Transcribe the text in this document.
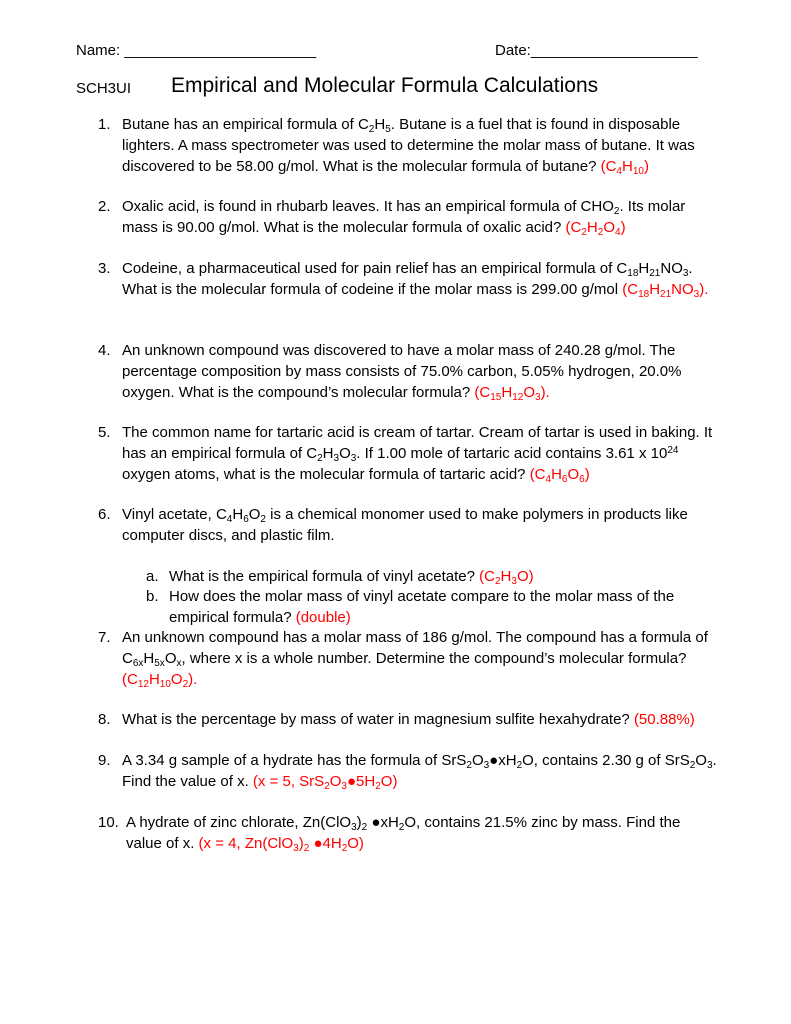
Name: _______________________	Date:____________________
SCH3UI Empirical and Molecular Formula Calculations
1. Butane has an empirical formula of $C_2H_5$. Butane is a fuel that is found in disposable lighters. A mass spectrometer was used to determine the molar mass of butane. It was discovered to be 58.00 g/mol. What is the molecular formula of butane? $(C_4H_{10})$
2. Oxalic acid, is found in rhubarb leaves. It has an empirical formula of $CHO_2$. Its molar mass is 90.00 g/mol. What is the molecular formula of oxalic acid? $(C_2H_2O_4)$
3. Codeine, a pharmaceutical used for pain relief has an empirical formula of $C_{18}H_{21}NO_3$. What is the molecular formula of codeine if the molar mass is 299.00 g/mol $(C_{18}H_{21}NO_3)$.
4. An unknown compound was discovered to have a molar mass of 240.28 g/mol. The percentage composition by mass consists of 75.0% carbon, 5.05% hydrogen, 20.0% oxygen. What is the compound’s molecular formula? $(C_{15}H_{12}O_3)$.
5. The common name for tartaric acid is cream of tartar. Cream of tartar is used in baking. It has an empirical formula of $C_2H_3O_3$. If 1.00 mole of tartaric acid contains 3.61 x $10^{24}$ oxygen atoms, what is the molecular formula of tartaric acid? $(C_4H_6O_6)$
6. Vinyl acetate, $C_4H_6O_2$ is a chemical monomer used to make polymers in products like computer discs, and plastic film.
a. What is the empirical formula of vinyl acetate? $(C_2H_3O)$
b. How does the molar mass of vinyl acetate compare to the molar mass of the empirical formula? (double)
7. An unknown compound has a molar mass of 186 g/mol. The compound has a formula of $C_{6x}H_{5x}O_x$, where x is a whole number. Determine the compound’s molecular formula? $(C_{12}H_{10}O_2)$.
8. What is the percentage by mass of water in magnesium sulfite hexahydrate? (50.88%)
9. A 3.34 g sample of a hydrate has the formula of $SrS_2O_3●xH_2O$, contains 2.30 g of $SrS_2O_3$. Find the value of x. (x = 5, $SrS_2O_3●5H_2O$)
10. A hydrate of zinc chlorate, $Zn(ClO_3)_2$ $●xH_2O$, contains 21.5% zinc by mass. Find the value of x. (x = 4, $Zn(ClO_3)_2$ $●4H_2O$)
